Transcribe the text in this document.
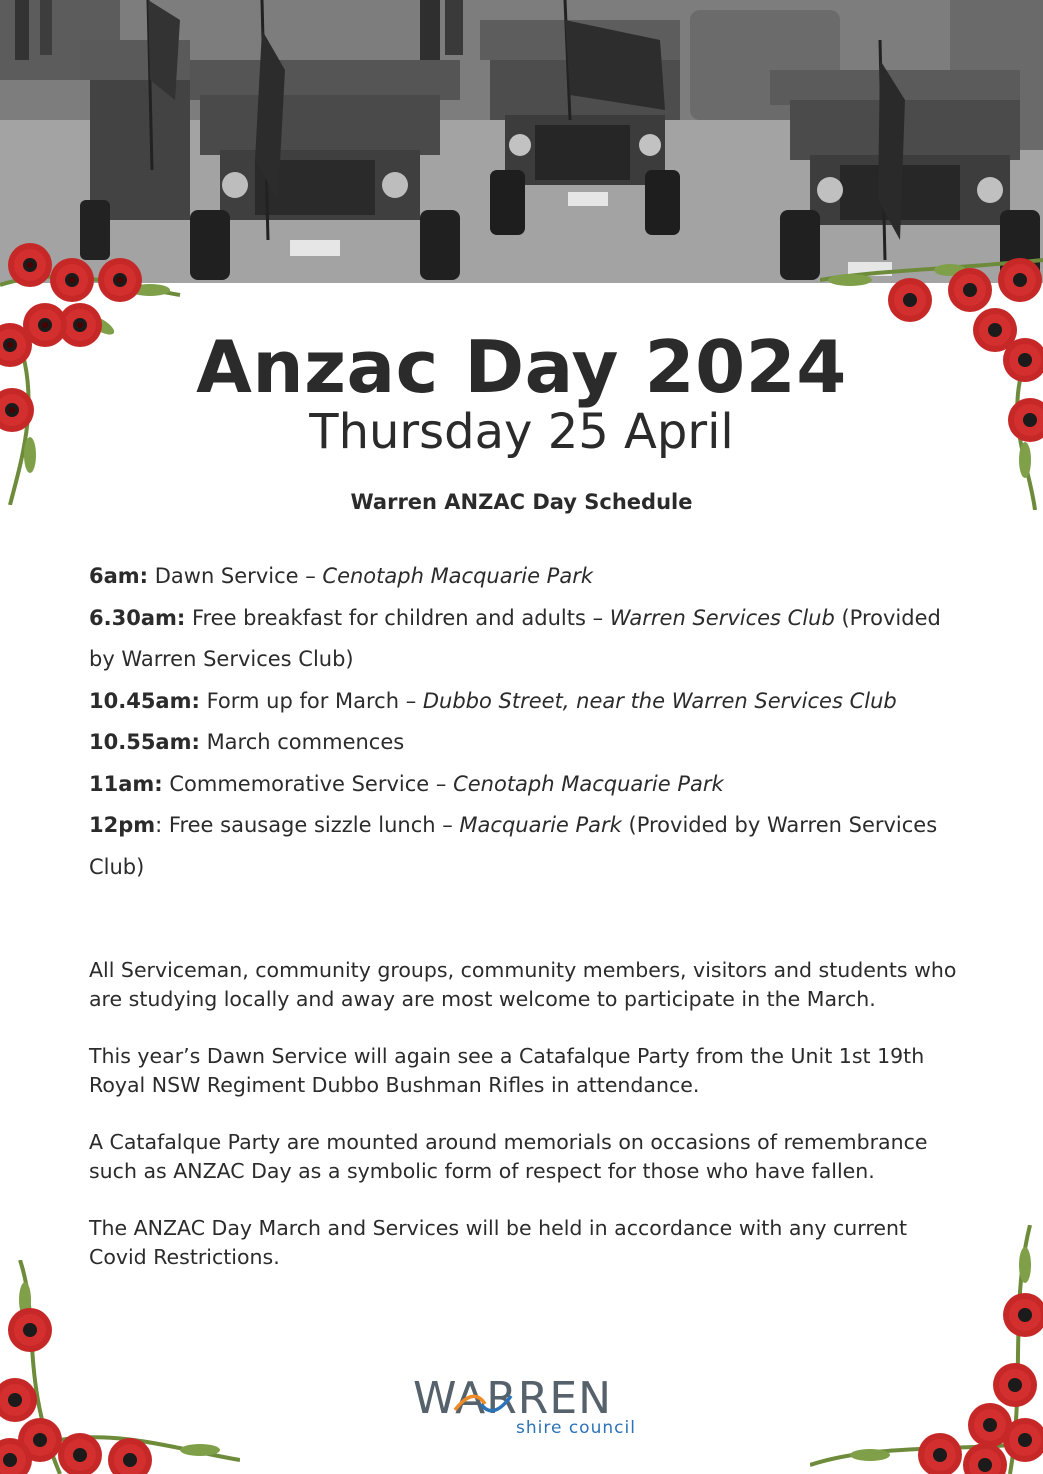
Anzac Day 2024
Thursday 25 April
Warren ANZAC Day Schedule
6am: Dawn Service – Cenotaph Macquarie Park
6.30am: Free breakfast for children and adults – Warren Services Club (Provided by Warren Services Club)
10.45am: Form up for March – Dubbo Street, near the Warren Services Club
10.55am: March commences
11am: Commemorative Service – Cenotaph Macquarie Park
12pm: Free sausage sizzle lunch – Macquarie Park (Provided by Warren Services Club)

All Serviceman, community groups, community members, visitors and students who are studying locally and away are most welcome to participate in the March.

This year’s Dawn Service will again see a Catafalque Party from the Unit 1st 19th Royal NSW Regiment Dubbo Bushman Rifles in attendance.

A Catafalque Party are mounted around memorials on occasions of remembrance such as ANZAC Day as a symbolic form of respect for those who have fallen.

The ANZAC Day March and Services will be held in accordance with any current Covid Restrictions.

WARREN
shire council
